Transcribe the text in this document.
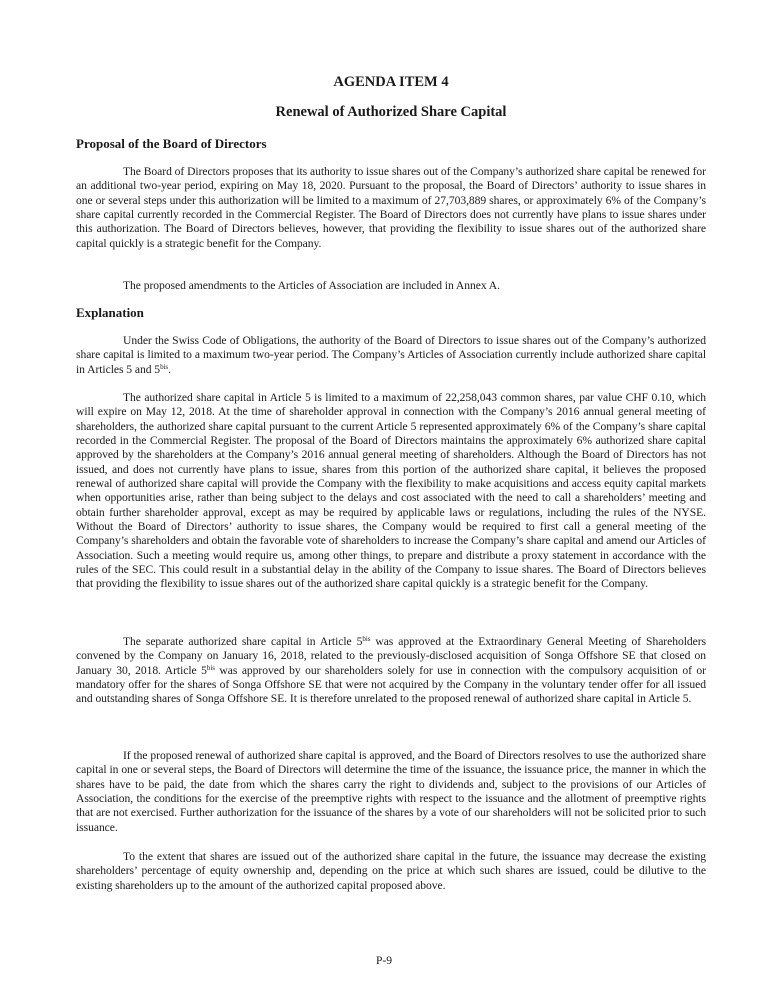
AGENDA ITEM 4
Renewal of Authorized Share Capital
Proposal of the Board of Directors

The Board of Directors proposes that its authority to issue shares out of the Company’s authorized share capital be renewed for an additional two-year period, expiring on May 18, 2020. Pursuant to the proposal, the Board of Directors’ authority to issue shares in one or several steps under this authorization will be limited to a maximum of 27,703,889 shares, or approximately 6% of the Company’s share capital currently recorded in the Commercial Register. The Board of Directors does not currently have plans to issue shares under this authorization. The Board of Directors believes, however, that providing the flexibility to issue shares out of the authorized share capital quickly is a strategic benefit for the Company.

The proposed amendments to the Articles of Association are included in Annex A.

Explanation

Under the Swiss Code of Obligations, the authority of the Board of Directors to issue shares out of the Company’s authorized share capital is limited to a maximum two-year period. The Company’s Articles of Association currently include authorized share capital in Articles 5 and $5^{bis}$.

The authorized share capital in Article 5 is limited to a maximum of 22,258,043 common shares, par value CHF 0.10, which will expire on May 12, 2018. At the time of shareholder approval in connection with the Company’s 2016 annual general meeting of shareholders, the authorized share capital pursuant to the current Article 5 represented approximately 6% of the Company’s share capital recorded in the Commercial Register. The proposal of the Board of Directors maintains the approximately 6% authorized share capital approved by the shareholders at the Company’s 2016 annual general meeting of shareholders. Although the Board of Directors has not issued, and does not currently have plans to issue, shares from this portion of the authorized share capital, it believes the proposed renewal of authorized share capital will provide the Company with the flexibility to make acquisitions and access equity capital markets when opportunities arise, rather than being subject to the delays and cost associated with the need to call a shareholders’ meeting and obtain further shareholder approval, except as may be required by applicable laws or regulations, including the rules of the NYSE. Without the Board of Directors’ authority to issue shares, the Company would be required to first call a general meeting of the Company’s shareholders and obtain the favorable vote of shareholders to increase the Company’s share capital and amend our Articles of Association. Such a meeting would require us, among other things, to prepare and distribute a proxy statement in accordance with the rules of the SEC. This could result in a substantial delay in the ability of the Company to issue shares. The Board of Directors believes that providing the flexibility to issue shares out of the authorized share capital quickly is a strategic benefit for the Company.

The separate authorized share capital in Article $5^{bis}$ was approved at the Extraordinary General Meeting of Shareholders convened by the Company on January 16, 2018, related to the previously-disclosed acquisition of Songa Offshore SE that closed on January 30, 2018. Article $5^{bis}$ was approved by our shareholders solely for use in connection with the compulsory acquisition of or mandatory offer for the shares of Songa Offshore SE that were not acquired by the Company in the voluntary tender offer for all issued and outstanding shares of Songa Offshore SE. It is therefore unrelated to the proposed renewal of authorized share capital in Article 5.

If the proposed renewal of authorized share capital is approved, and the Board of Directors resolves to use the authorized share capital in one or several steps, the Board of Directors will determine the time of the issuance, the issuance price, the manner in which the shares have to be paid, the date from which the shares carry the right to dividends and, subject to the provisions of our Articles of Association, the conditions for the exercise of the preemptive rights with respect to the issuance and the allotment of preemptive rights that are not exercised. Further authorization for the issuance of the shares by a vote of our shareholders will not be solicited prior to such issuance.

To the extent that shares are issued out of the authorized share capital in the future, the issuance may decrease the existing shareholders’ percentage of equity ownership and, depending on the price at which such shares are issued, could be dilutive to the existing shareholders up to the amount of the authorized capital proposed above.

P-9
